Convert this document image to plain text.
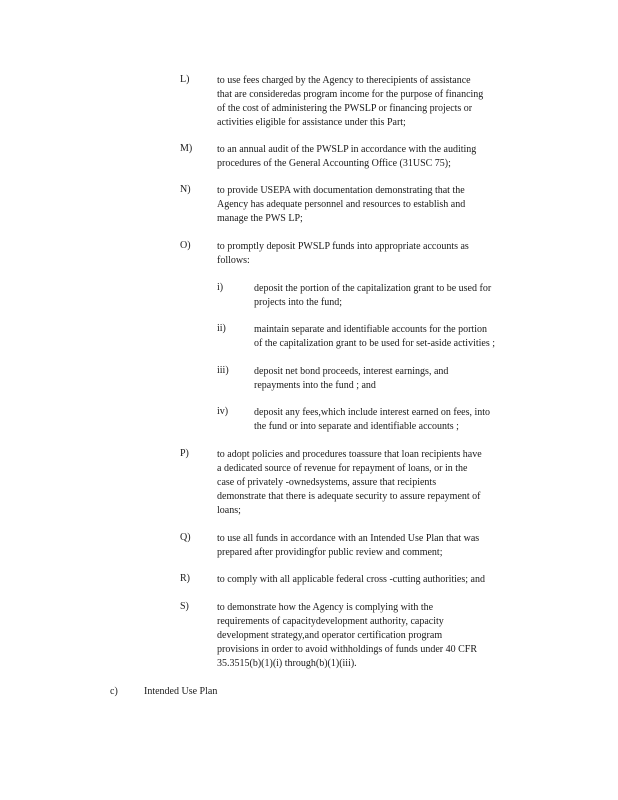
L)	to use fees charged by the Agency to therecipients of assistance
that are consideredas program income for the purpose of financing
of the cost of administering the PWSLP or financing projects or
activities eligible for assistance under this Part;
M) to an annual audit of the PWSLP in accordance with the auditing
procedures of the General Accounting Office (31USC 75);
N)	to provide USEPA with documentation demonstrating that the
Agency has adequate personnel and resources to establish and
manage the PWS LP;
O)	to promptly deposit PWSLP funds into appropriate accounts as
follows:
i)	deposit the portion of the capitalization grant to be used for
projects into the fund;
ii)	maintain separate and identifiable accounts for the portion
of the capitalization grant to be used for set-aside activities ;
iii)	deposit net bond proceeds, interest earnings, and
repayments into the fund ; and
iv)	deposit any fees,which include interest earned on fees, into
the fund or into separate and identifiable accounts ;
P)	to adopt policies and procedures toassure that loan recipients have
a dedicated source of revenue for repayment of loans, or in the
case of privately -ownedsystems, assure that recipients
demonstrate that there is adequate security to assure repayment of
loans;
Q)	to use all funds in accordance with an Intended Use Plan that was
prepared after providingfor public review and comment;
R)	to comply with all applicable federal cross -cutting authorities; and
S)	to demonstrate how the Agency is complying with the
requirements of capacitydevelopment authority, capacity
development strategy,and operator certification program
provisions in order to avoid withholdings of funds under 40 CFR
35.3515(b)(1)(i) through(b)(1)(iii).
c)	Intended Use Plan
